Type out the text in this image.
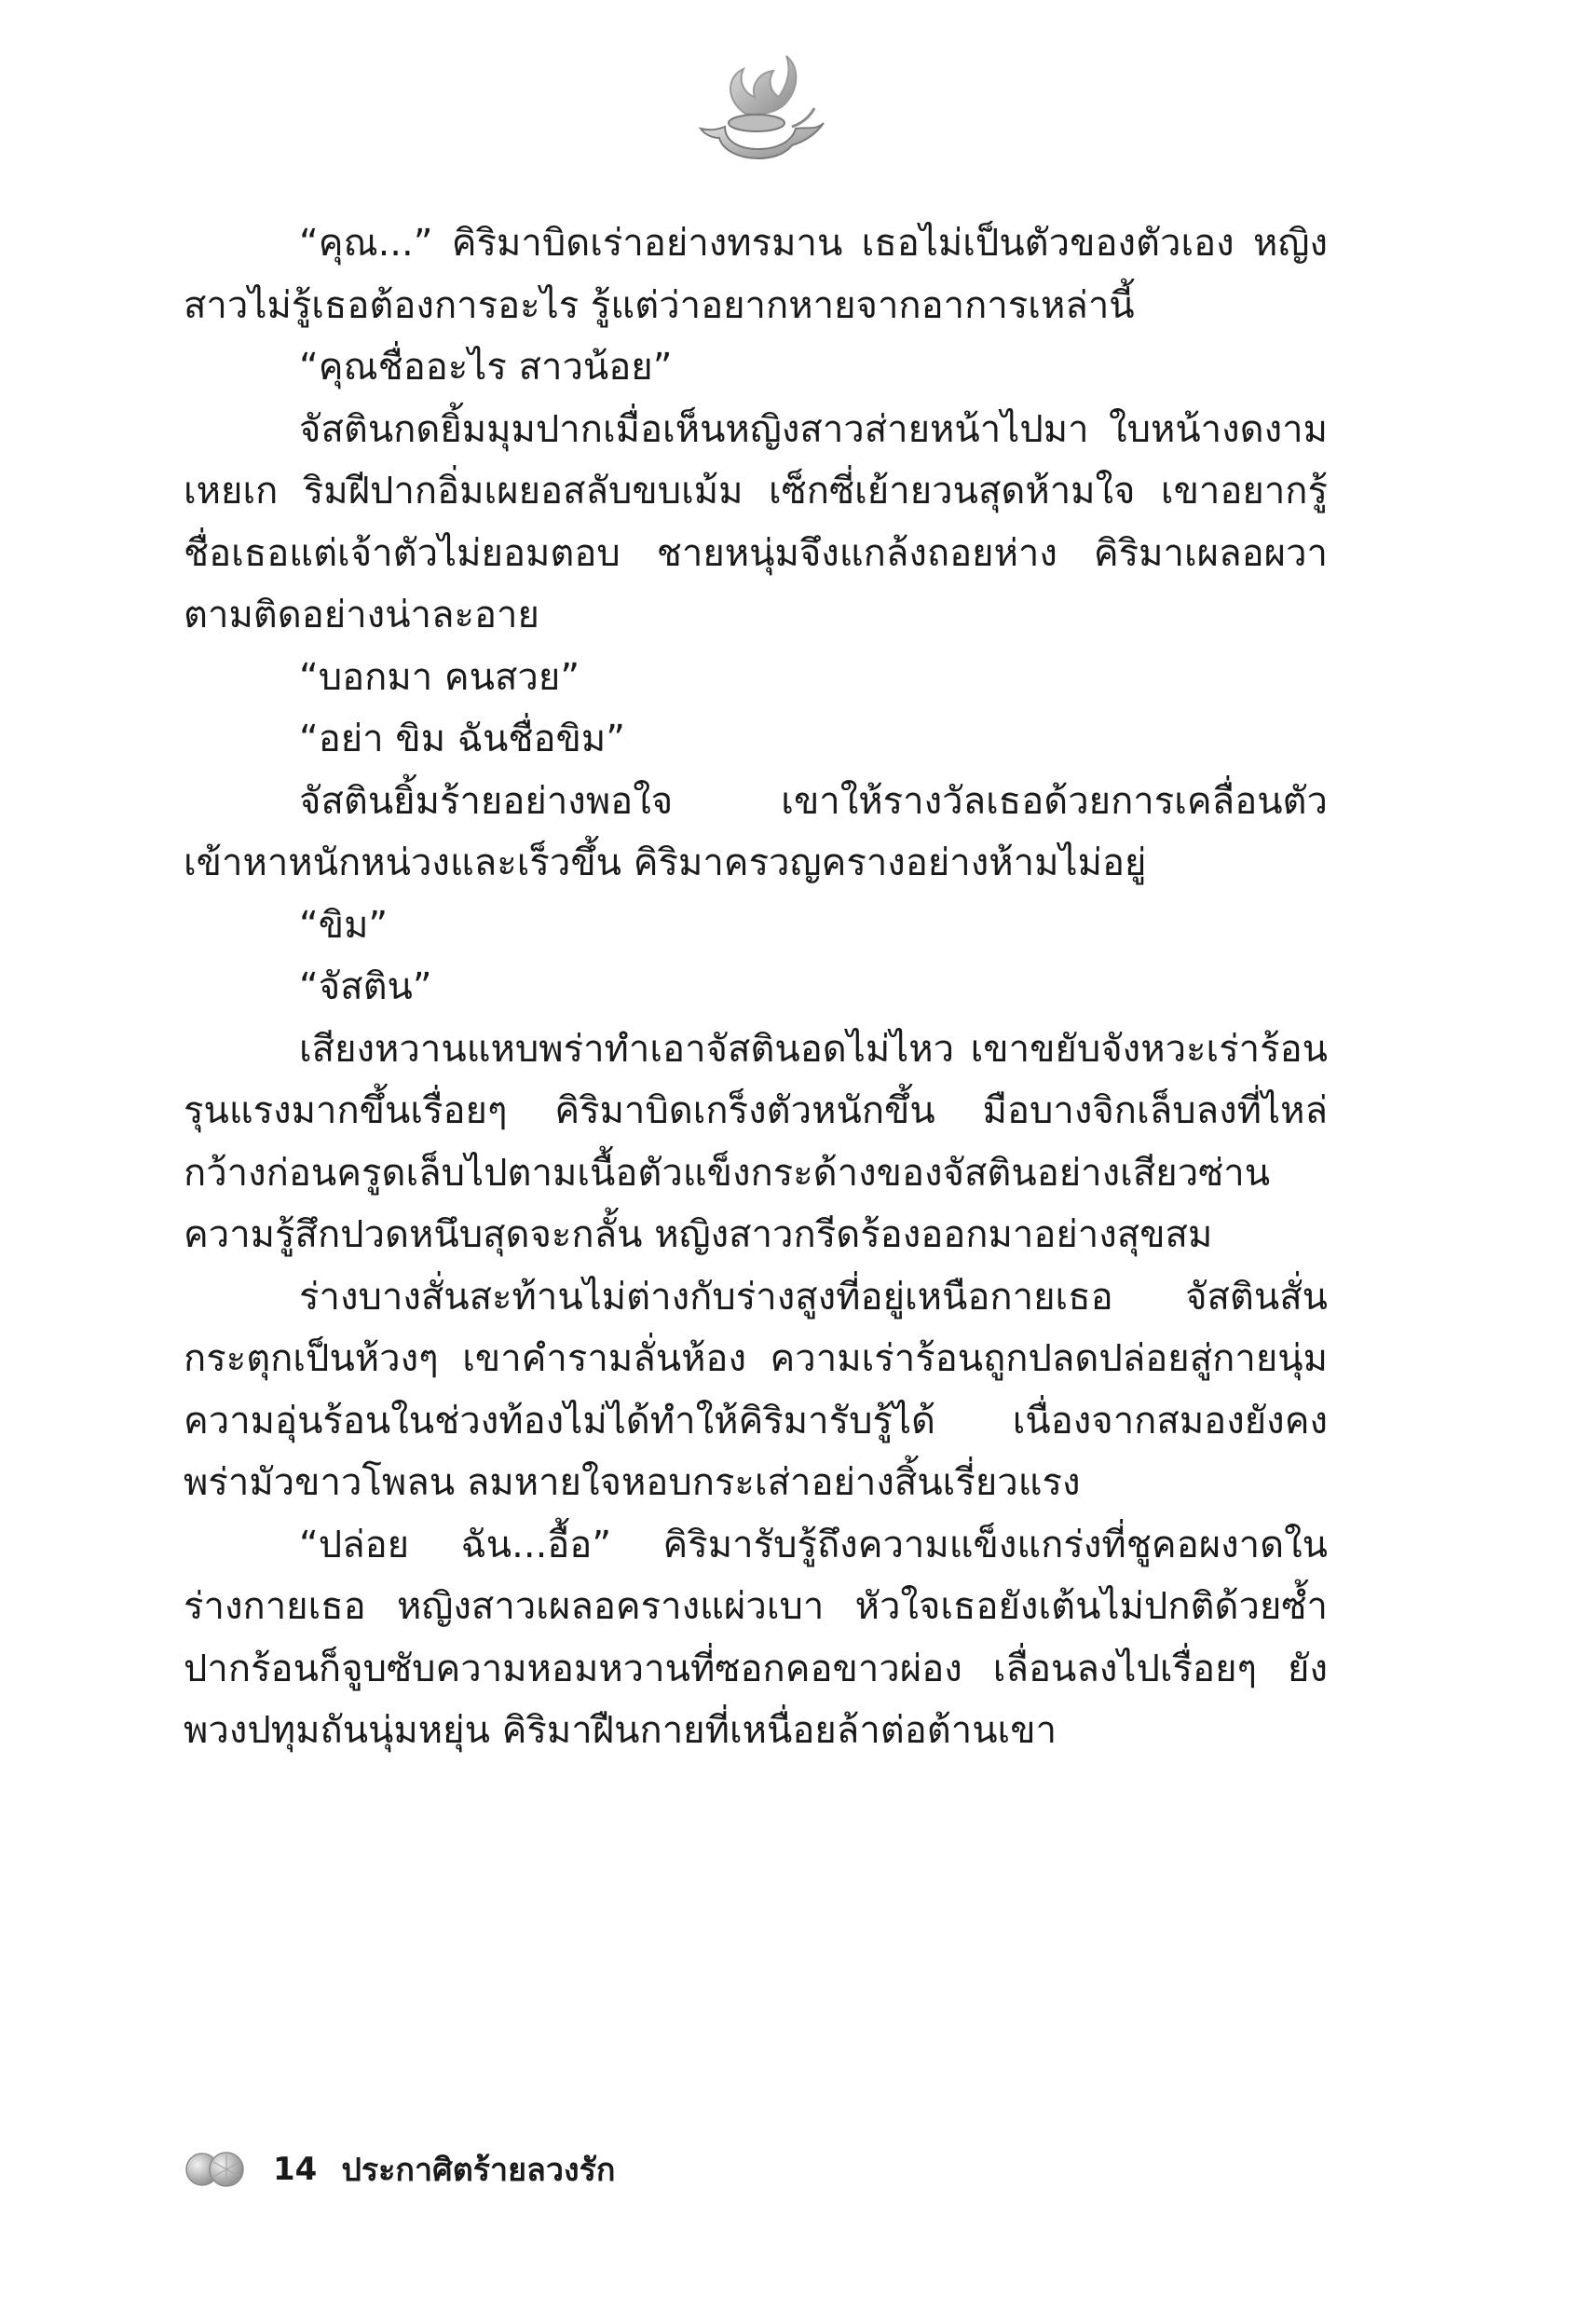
“คุณ...” คิริมาบิดเร่าอย่างทรมาน เธอไม่เป็นตัวของตัวเอง หญิงสาวไม่รู้เธอต้องการอะไร รู้แต่ว่าอยากหายจากอาการเหล่านี้

“คุณชื่ออะไร สาวน้อย”

จัสตินกดยิ้มมุมปากเมื่อเห็นหญิงสาวส่ายหน้าไปมา ใบหน้างดงามเหยเก ริมฝีปากอิ่มเผยอสลับขบเม้ม เซ็กซี่เย้ายวนสุดห้ามใจ เขาอยากรู้ชื่อเธอแต่เจ้าตัวไม่ยอมตอบ ชายหนุ่มจึงแกล้งถอยห่าง คิริมาเผลอผวาตามติดอย่างน่าละอาย

“บอกมา คนสวย”

“อย่า ขิม ฉันชื่อขิม”

จัสตินยิ้มร้ายอย่างพอใจ เขาให้รางวัลเธอด้วยการเคลื่อนตัวเข้าหาหนักหน่วงและเร็วขึ้น คิริมาครวญครางอย่างห้ามไม่อยู่

“ขิม”

“จัสติน”

เสียงหวานแหบพร่าทำเอาจัสตินอดไม่ไหว เขาขยับจังหวะเร่าร้อนรุนแรงมากขึ้นเรื่อยๆ คิริมาบิดเกร็งตัวหนักขึ้น มือบางจิกเล็บลงที่ไหล่กว้างก่อนครูดเล็บไปตามเนื้อตัวแข็งกระด้างของจัสตินอย่างเสียวซ่าน ความรู้สึกปวดหนึบสุดจะกลั้น หญิงสาวกรีดร้องออกมาอย่างสุขสม

ร่างบางสั่นสะท้านไม่ต่างกับร่างสูงที่อยู่เหนือกายเธอ จัสตินสั่นกระตุกเป็นห้วงๆ เขาคำรามลั่นห้อง ความเร่าร้อนถูกปลดปล่อยสู่กายนุ่ม ความอุ่นร้อนในช่วงท้องไม่ได้ทำให้คิริมารับรู้ได้ เนื่องจากสมองยังคงพร่ามัวขาวโพลน ลมหายใจหอบกระเส่าอย่างสิ้นเรี่ยวแรง

“ปล่อย ฉัน...อื้อ” คิริมารับรู้ถึงความแข็งแกร่งที่ชูคอผงาดในร่างกายเธอ หญิงสาวเผลอครางแผ่วเบา หัวใจเธอยังเต้นไม่ปกติด้วยซ้ำ ปากร้อนก็จูบซับความหอมหวานที่ซอกคอขาวผ่อง เลื่อนลงไปเรื่อยๆ ยังพวงปทุมถันนุ่มหยุ่น คิริมาฝืนกายที่เหนื่อยล้าต่อต้านเขา

14 ประกาศิตร้ายลวงรัก
